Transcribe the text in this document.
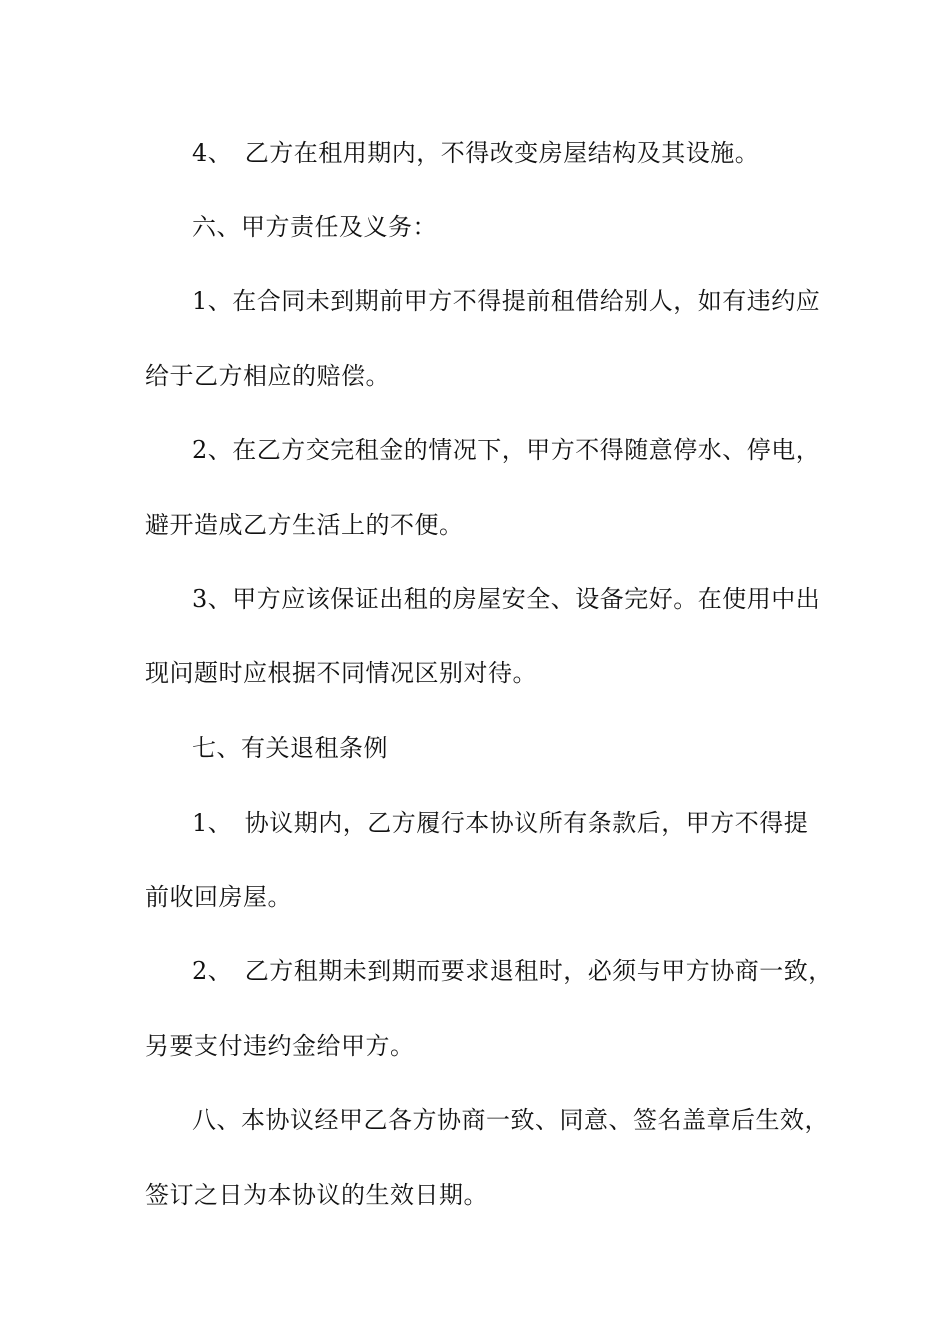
4、　乙方在租用期内，不得改变房屋结构及其设施。
六、甲方责任及义务：
1、在合同未到期前甲方不得提前租借给别人，如有违约应
给于乙方相应的赔偿。
2、在乙方交完租金的情况下，甲方不得随意停水、停电，
避开造成乙方生活上的不便。
3、甲方应该保证出租的房屋安全、设备完好。在使用中出
现问题时应根据不同情况区别对待。
七、有关退租条例
1、　协议期内，乙方履行本协议所有条款后，甲方不得提
前收回房屋。
2、　乙方租期未到期而要求退租时，必须与甲方协商一致，
另要支付违约金给甲方。
八、本协议经甲乙各方协商一致、同意、签名盖章后生效，
签订之日为本协议的生效日期。
